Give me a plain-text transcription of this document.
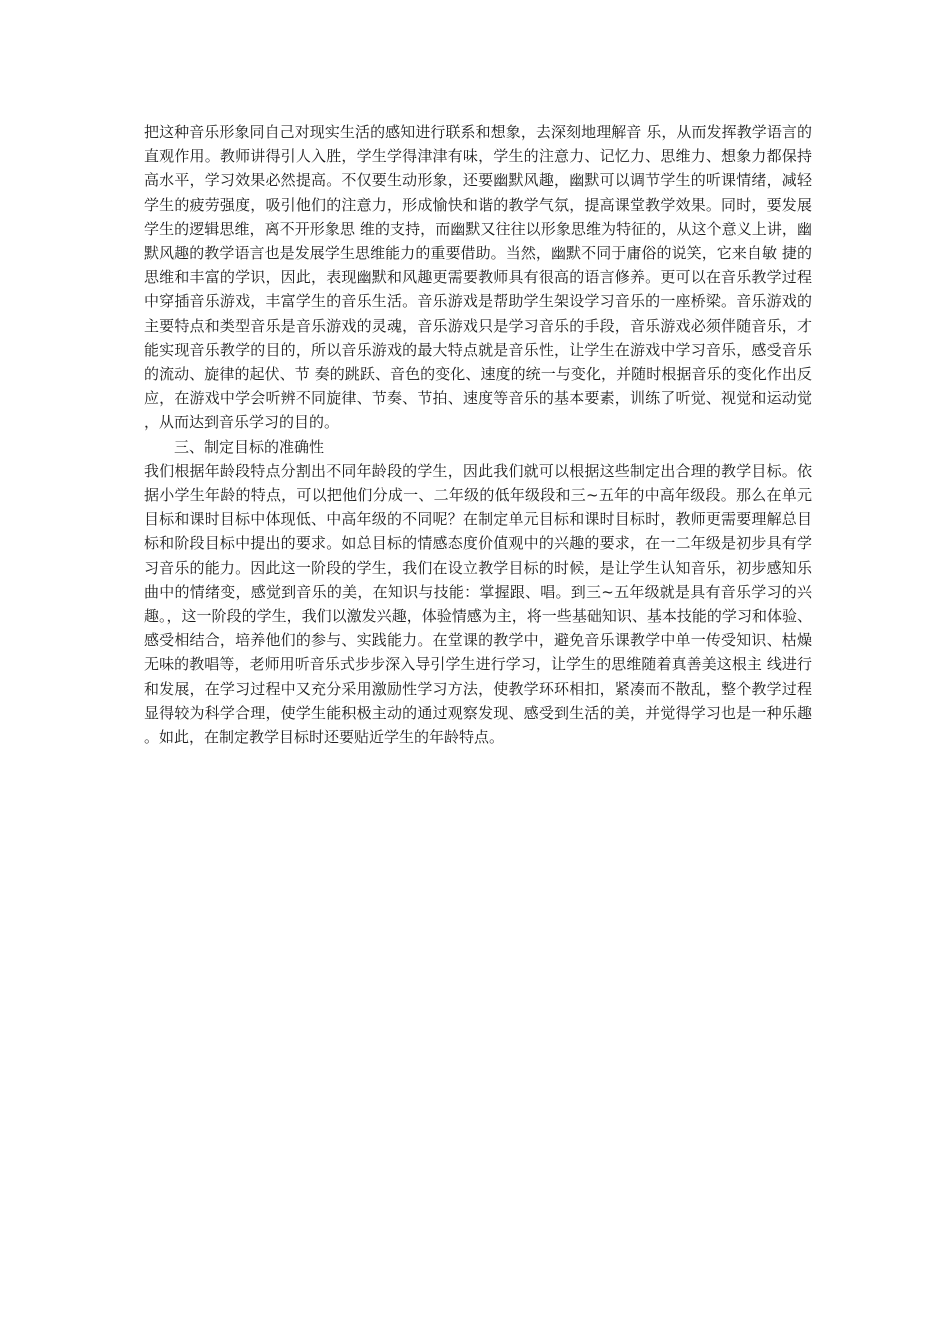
把这种音乐形象同自己对现实生活的感知进行联系和想象，去深刻地理解音 乐，从而发挥教学语言的直观作用。教师讲得引人入胜，学生学得津津有味，学生的注意力、记忆力、思维力、想象力都保持高水平，学习效果必然提高。不仅要生动形象，还要幽默风趣，幽默可以调节学生的听课情绪，减轻学生的疲劳强度，吸引他们的注意力，形成愉快和谐的教学气氛，提高课堂教学效果。同时，要发展学生的逻辑思维，离不开形象思 维的支持，而幽默又往往以形象思维为特征的，从这个意义上讲，幽默风趣的教学语言也是发展学生思维能力的重要借助。当然，幽默不同于庸俗的说笑，它来自敏 捷的思维和丰富的学识，因此，表现幽默和风趣更需要教师具有很高的语言修养。更可以在音乐教学过程中穿插音乐游戏，丰富学生的音乐生活。音乐游戏是帮助学生架设学习音乐的一座桥梁。音乐游戏的主要特点和类型音乐是音乐游戏的灵魂，音乐游戏只是学习音乐的手段，音乐游戏必须伴随音乐，才能实现音乐教学的目的，所以音乐游戏的最大特点就是音乐性，让学生在游戏中学习音乐，感受音乐的流动、旋律的起伏、节 奏的跳跃、音色的变化、速度的统一与变化，并随时根据音乐的变化作出反应，在游戏中学会听辨不同旋律、节奏、节拍、速度等音乐的基本要素，训练了听觉、视觉和运动觉，从而达到音乐学习的目的。

三、制定目标的准确性

我们根据年龄段特点分割出不同年龄段的学生，因此我们就可以根据这些制定出合理的教学目标。依据小学生年龄的特点，可以把他们分成一、二年级的低年级段和三~五年的中高年级段。那么在单元目标和课时目标中体现低、中高年级的不同呢？在制定单元目标和课时目标时，教师更需要理解总目标和阶段目标中提出的要求。如总目标的情感态度价值观中的兴趣的要求，在一二年级是初步具有学习音乐的能力。因此这一阶段的学生，我们在设立教学目标的时候，是让学生认知音乐，初步感知乐曲中的情绪变，感觉到音乐的美，在知识与技能：掌握跟、唱。到三~五年级就是具有音乐学习的兴趣。，这一阶段的学生，我们以激发兴趣，体验情感为主，将一些基础知识、基本技能的学习和体验、感受相结合，培养他们的参与、实践能力。在堂课的教学中，避免音乐课教学中单一传受知识、枯燥无味的教唱等，老师用听音乐式步步深入导引学生进行学习，让学生的思维随着真善美这根主 线进行和发展，在学习过程中又充分采用激励性学习方法，使教学环环相扣，紧凑而不散乱，整个教学过程显得较为科学合理，使学生能积极主动的通过观察发现、感受到生活的美，并觉得学习也是一种乐趣。如此，在制定教学目标时还要贴近学生的年龄特点。
